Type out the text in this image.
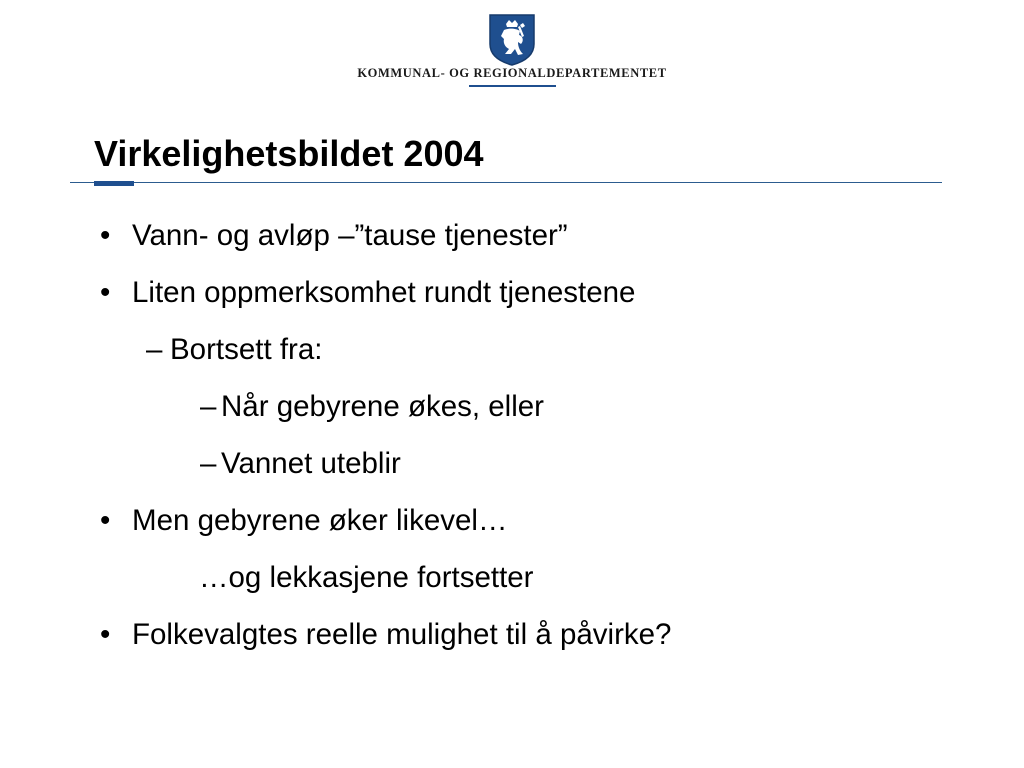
KOMMUNAL- OG REGIONALDEPARTEMENTET
Virkelighetsbildet 2004
• Vann- og avløp –”tause tjenester”
• Liten oppmerksomhet rundt tjenestene
– Bortsett fra:
– Når gebyrene økes, eller
– Vannet uteblir
• Men gebyrene øker likevel…
…og lekkasjene fortsetter
• Folkevalgtes reelle mulighet til å påvirke?
